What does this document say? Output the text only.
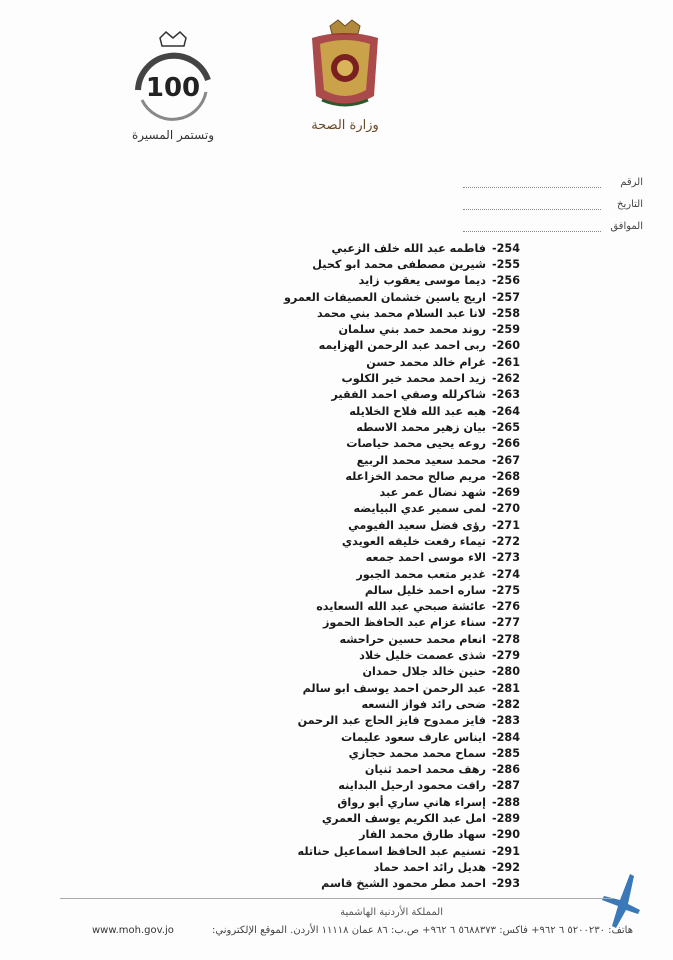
100
وتستمر المسيرة
وزارة الصحة
الرقم
التاريخ
الموافق
فاطمه عبد الله خلف الزعبي -254
شيرين مصطفى محمد ابو كحيل -255
ديما موسى يعقوب زايد -256
اريج ياسين خشمان العصيفات العمرو -257
لانا عبد السلام محمد بني محمد -258
روند محمد حمد بني سلمان -259
ربى احمد عبد الرحمن الهزايمه -260
غرام خالد محمد حسن -261
زيد احمد محمد خير الكلوب -262
شاكرلله وصفي احمد الفقير -263
هبه عبد الله فلاح الخلايله -264
بيان زهير محمد الاسطه -265
روعه يحيى محمد حياصات -266
محمد سعيد محمد الربيع -267
مريم صالح محمد الخزاعله -268
شهد نضال عمر عبد -269
لمى سمير عدي البيايضه -270
رؤى فضل سعيد الفيومي -271
تيماء رفعت خليفه العويدي -272
الاء موسى احمد جمعه -273
غدير متعب محمد الجبور -274
ساره احمد خليل سالم -275
عائشة صبحي عبد الله السعايده -276
سناء عزام عبد الحافظ الحموز -277
انعام محمد حسين حراحشه -278
شذى عصمت خليل خلاد -279
حنين خالد جلال حمدان -280
عبد الرحمن احمد يوسف ابو سالم -281
ضحى رائد فواز النسعه -282
فايز ممدوح فايز الحاج عبد الرحمن -283
ايناس عارف سعود عليمات -284
سماح محمد محمد حجازي -285
رهف محمد احمد ثنيان -286
رافت محمود ارحيل البداينه -287
إسراء هاني ساري أبو رواق -288
امل عبد الكريم يوسف العمري -289
سهاد طارق محمد الفار -290
تسنيم عبد الحافظ اسماعيل حناتله -291
هديل رائد احمد حماد -292
احمد مطر محمود الشيخ قاسم -293
المملكة الأردنية الهاشمية
هاتف: ٥٢٠٠٢٣٠ ٦ ٩٦٢+ فاكس: ٥٦٨٨٣٧٣ ٦ ٩٦٢+ ص.ب: ٨٦ عمان ١١١١٨ الأردن. الموقع الإلكتروني:
www.moh.gov.jo
